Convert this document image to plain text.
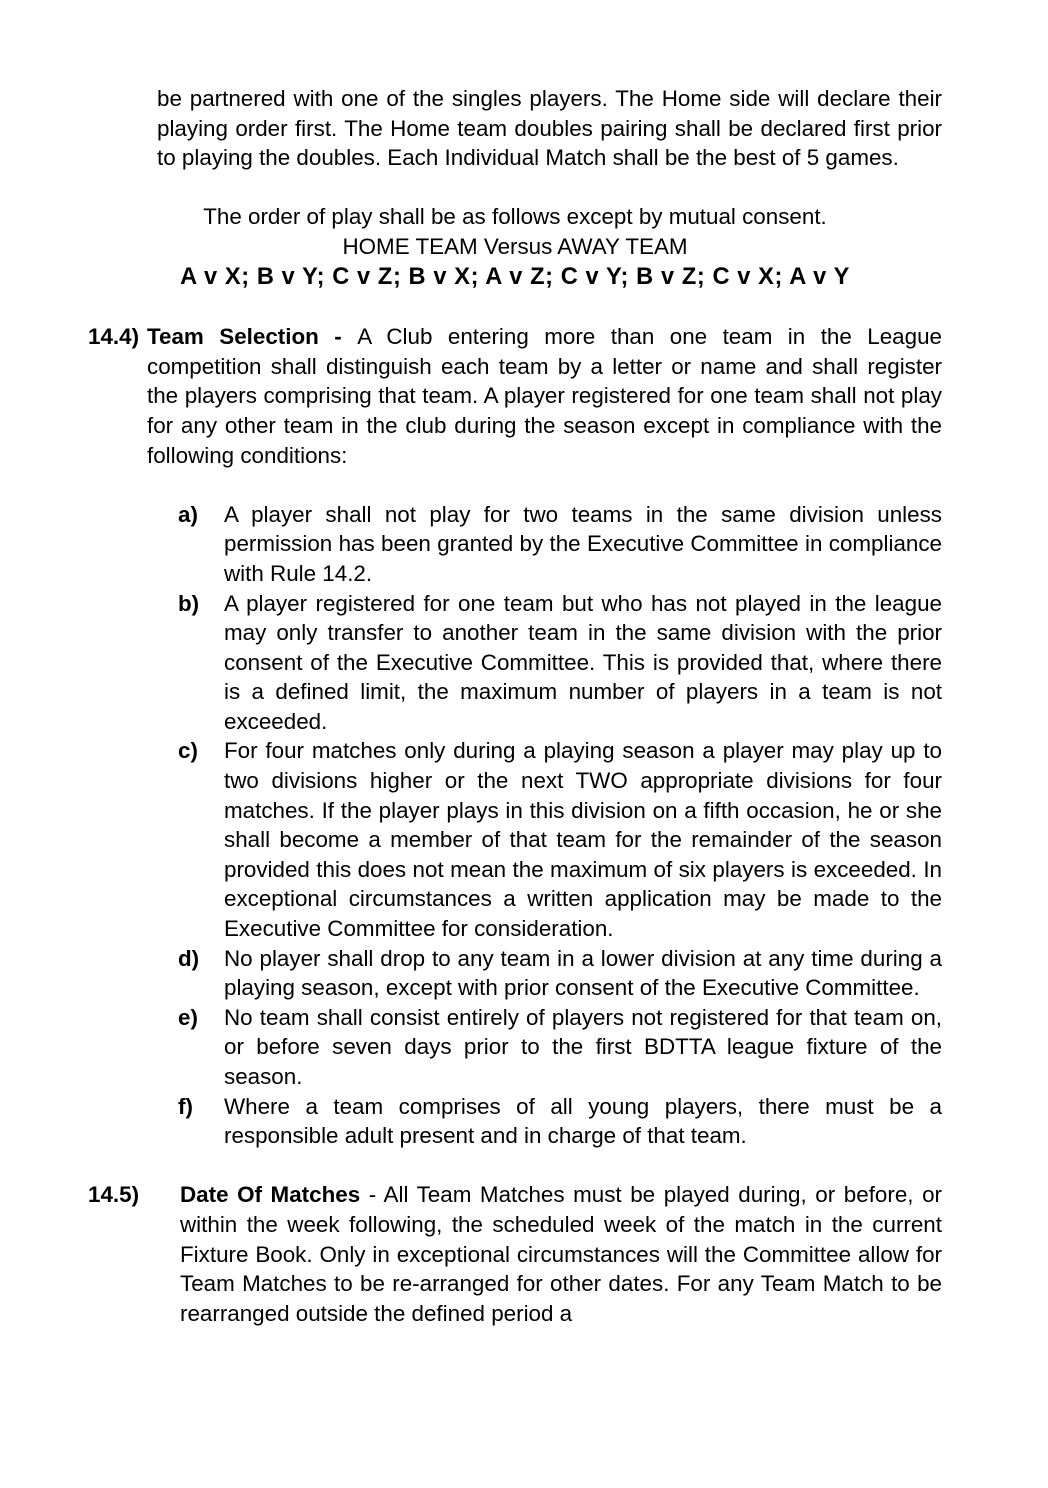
be partnered with one of the singles players. The Home side will declare their playing order first. The Home team doubles pairing shall be declared first prior to playing the doubles. Each Individual Match shall be the best of 5 games.

The order of play shall be as follows except by mutual consent.
HOME TEAM Versus AWAY TEAM
A v X; B v Y; C v Z; B v X; A v Z; C v Y; B v Z; C v X; A v Y
14.4) Team Selection - A Club entering more than one team in the League competition shall distinguish each team by a letter or name and shall register the players comprising that team. A player registered for one team shall not play for any other team in the club during the season except in compliance with the following conditions:
a)	A player shall not play for two teams in the same division unless permission has been granted by the Executive Committee in compliance with Rule 14.2.
b)	A player registered for one team but who has not played in the league may only transfer to another team in the same division with the prior consent of the Executive Committee. This is provided that, where there is a defined limit, the maximum number of players in a team is not exceeded.
c)	For four matches only during a playing season a player may play up to two divisions higher or the next TWO appropriate divisions for four matches. If the player plays in this division on a fifth occasion, he or she shall become a member of that team for the remainder of the season provided this does not mean the maximum of six players is exceeded. In exceptional circumstances a written application may be made to the Executive Committee for consideration.
d)	No player shall drop to any team in a lower division at any time during a playing season, except with prior consent of the Executive Committee.
e)	No team shall consist entirely of players not registered for that team on, or before seven days prior to the first BDTTA league fixture of the season.
f)	Where a team comprises of all young players, there must be a responsible adult present and in charge of that team.
14.5)	Date Of Matches - All Team Matches must be played during, or before, or within the week following, the scheduled week of the match in the current Fixture Book. Only in exceptional circumstances will the Committee allow for Team Matches to be re-arranged for other dates. For any Team Match to be rearranged outside the defined period a
